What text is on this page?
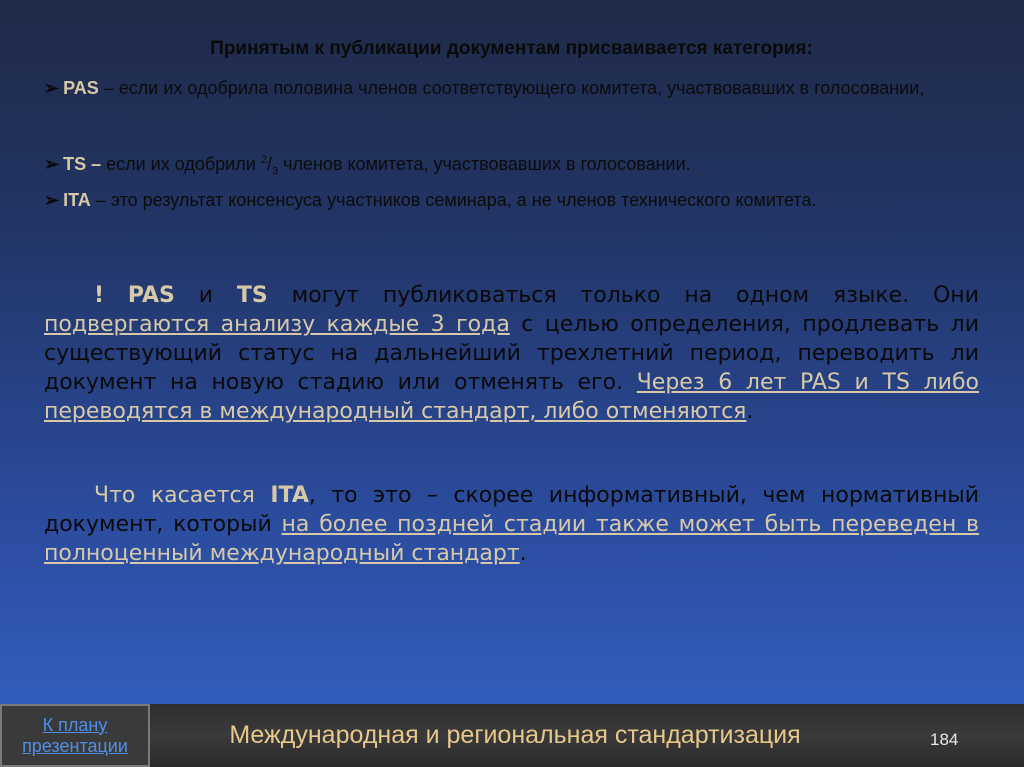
Принятым к публикации документам присваивается категория:
➢ PAS – если их одобрила половина членов соответствующего комитета, участвовавших в голосовании,
➢ TS – если их одобрили $^2/_3$ членов комитета, участвовавших в голосовании.
➢ ITA – это результат консенсуса участников семинара, а не членов технического комитета.
! PAS и TS могут публиковаться только на одном языке. Они подвергаются анализу каждые 3 года с целью определения, продлевать ли существующий статус на дальнейший трехлетний период, переводить ли документ на новую стадию или отменять его. Через 6 лет PAS и TS либо переводятся в международный стандарт, либо отменяются.
Что касается ITA, то это – скорее информативный, чем нормативный документ, который на более поздней стадии также может быть переведен в полноценный международный стандарт.
К плану
презентации	Международная и региональная стандартизация	184
